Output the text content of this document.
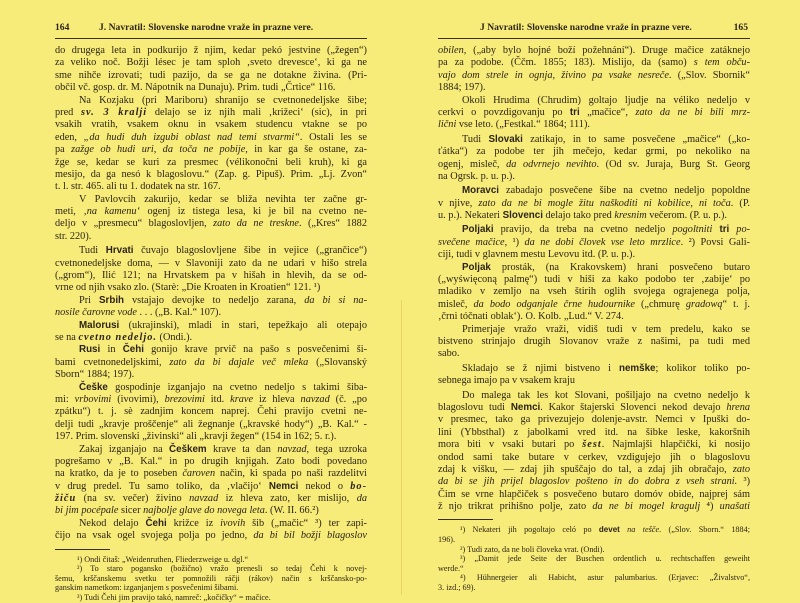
164	J. Navratil: Slovenske narodne vraže in prazne vere.
do drugega leta in podkurijo ž njim, kedar pekó jestvine („žegen“)
za veliko noč. Božji lésec je tam sploh ‚sveto drevesce‘, ki ga ne
sme nihče izrovati; tudi pazijo, da se ga ne dotakne živina. (Pri-
občil vč. gosp. dr. M. Nápotnik na Dunaju). Prim. tudi „Črtice“ 116.
Na Kozjaku (pri Mariboru) shranijo se cvetnonedeljske šibe;
pred sv. 3 kralji delajo se iz njih mali ‚križeci‘ (sic), in pri
vsakih vratih, vsakem oknu in vsakem studencu vtakne se po
eden, „da hudi duh izgubi oblast nad temi stvarmi“. Ostali les se
pa zažge ob hudi uri, da toča ne pobije, in kar ga še ostane, za-
žge se, kedar se kuri za presmec (vélikonočni beli kruh), ki ga
mesijo, da ga nesó k blagoslovu.“ (Zap. g. Pipuš). Prim. „Lj. Zvon“
t. l. str. 465. ali tu 1. dodatek na str. 167.
V Pavlovcih zakurijo, kedar se bliža nevihta ter začne gr-
meti, ‚na kamenu‘ ogenj iz tistega lesa, ki je bil na cvetno ne-
deljo v „presmecu“ blagoslovljen, zato da ne treskne. („Kres“ 1882
str. 220).
Tudi Hrvati čuvajo blagoslovljene šibe in vejice („grančice“)
cvetnonedeljske doma, — v Slavoniji zato da ne udari v hišo strela
(„grom“), Ilić 121; na Hrvatskem pa v hišah in hlevih, da se od-
vrne od njih vsako zlo. (Starè: „Die Kroaten in Kroatien“ 121. ¹)
Pri Srbih vstajajo devojke to nedeljo zarana, da bi si na-
nosile čarovne vode . . . („B. Kal.“ 107).
Malorusi (ukrajinski), mladi in stari, tepežkajo ali otepajo
se na cvetno nedeljo. (Ondi.).
Rusi in Čehi gonijo krave prvič na pašo s posvečenimi ši-
bami cvetnonedeljskimi, zato da bi dajale več mleka („Slovanský
Sborn“ 1884; 197).
Češke gospodinje izganjajo na cvetno nedeljo s takimi šiba-
mi: vrbovimi (ivovimi), brezovimi itd. krave iz hleva navzad (č. „po
zpátku“) t. j. sè zadnjim koncem naprej. Čehi pravijo cvetni ne-
delji tudi „kravje proščenje“ ali žegnanje („kravské hody“) „B. Kal.“ -
197. Prim. slovenski „živinski“ ali „kravji žegen“ (154 in 162; 5. r.).
Zakaj izganjajo na Češkem krave ta dan navzad, tega uzroka
pogrešamo v „B. Kal.“ in po drugih knjigah. Zato bodi povedano
na kratko, da je to poseben čaroven način, ki spada po naši razdelitvi
v drug predel. Tu samo toliko, da ‚vlačijo‘ Nemci nekod o bo-
žiču (na sv. večer) živino navzad iz hleva zato, ker mislijo, da
bi jim pocépale sicer najbolje glave do novega leta. (W. II. 66.²)
Nekod delajo Čehi križce iz ivovih šib („mačic“ ³) ter zapi-
čijo na vsak ogel svojega polja po jedno, da bi bil božji blagoslov
¹) Ondi čitaš: „Weidenruthen, Fliederzweige u. dgl.“
²) To staro pogansko (božično) vražo prenesli so tedaj Čehi k novej-
šemu, krščanskemu svetku ter pomnožili ráčji (rákov) način s krščansko-po-
ganskim nametkom: izganjanjem s posvečenimi šibami.
³) Tudi Čehi jim pravijo takó, namreč: „kočičky“ = mačice.
J Navratil: Slovenske narodne vraže in prazne vere.	165
obilen, („aby bylo hojné boží požehnání“). Druge mačice zatáknejo
pa za podobe. (Ččm. 1855; 183). Mislijo, da (samo) s tem obču-
vajo dom strele in ognja, živino pa vsake nesreče. („Slov. Sbornik“
1884; 197).
Okoli Hrudima (Chrudim) goltajo ljudje na véliko nedeljo v
cerkvi o povzdigovanju po tri „mačice“, zato da ne bi bili mrz-
lični vse leto. („Festkal.“ 1864; 111).
Tudi Slovaki zatikajo, in to same posvečene „mačice“ („ko-
ťátka“) za podobe ter jih mečejo, kedar grmi, po nekoliko na
ogenj, misleč, da odvrnejo nevihto. (Od sv. Juraja, Burg St. Georg
na Ogrsk. p. u. p.).
Moravci zabadajo posvečene šibe na cvetno nedeljo popoldne
v njive, zato da ne bi mogle žitu naškoditi ni kobilice, ni toča. (P.
u. p.). Nekateri Slovenci delajo tako pred kresnim večerom. (P. u. p.).
Poljaki pravijo, da treba na cvetno nedeljo pogoltniti tri po-
svečene mačice, ¹) da ne dobi človek vse leto mrzlice. ²) Povsi Gali-
ciji, tudi v glavnem mestu Levovu itd. (P. u. p.).
Poljak prosták, (na Krakovskem) hrani posvečeno butaro
(„wyświęconą palmę“) tudi v hiši za kako podobo ter ‚zabije‘ po
mladiko v zemljo na vseh štirih oglih svojega ograjenega polja,
misleč, da bodo odganjale črne hudournike („chmurę gradową“ t. j.
‚črni tóčnati oblak‘). O. Kolb. „Lud.“ V. 274.
Primerjaje vražo vraži, vidiš tudi v tem predelu, kako se
bistveno strinjajo drugih Slovanov vraže z našimi, pa tudi med
sabo.
Skladajo se ž njimi bistveno i nemške; kolikor toliko po-
sebnega imajo pa v vsakem kraju
Do malega tak les kot Slovani, pošiljajo na cvetno nedeljo k
blagoslovu tudi Nemci. Kakor štajerski Slovenci nekod devajo hrena
v presmec, tako ga privezujejo dolenje-avstr. Nemci v Ipuški do-
lini (Ybbsthal) z jabolkami vred itd. na šibke leske, kakoršnih
mora biti v vsaki butari po šest. Najmlajši hlapčički, ki nosijo
ondod sami take butare v cerkev, vzdigujejo jih o blagoslovu
zdaj k višku, — zdaj jih spuščajo do tal, a zdaj jih obračajo, zato
da bi se jih prijel blagoslov pošteno in do dobra z vseh strani. ³)
Čim se vrne hlapčiček s posvečeno butaro domóv obide, najprej sám
ž njo trikrat prihišno polje, zato da ne bi mogel kragulj ⁴) unašati
¹) Nekateri jih pogoltajo celó po devet na tešče. („Slov. Sborn.“ 1884;
196).
²) Tudi zato, da ne boli človeka vrat. (Ondi).
³) „Damit jede Seite der Buschen ordentlich u. rechtschaffen geweiht
werde.“
⁴) Hühnergeier ali Habicht, astur palumbarius. (Erjavec: „Živalstvo“,
3. izd.; 69).
